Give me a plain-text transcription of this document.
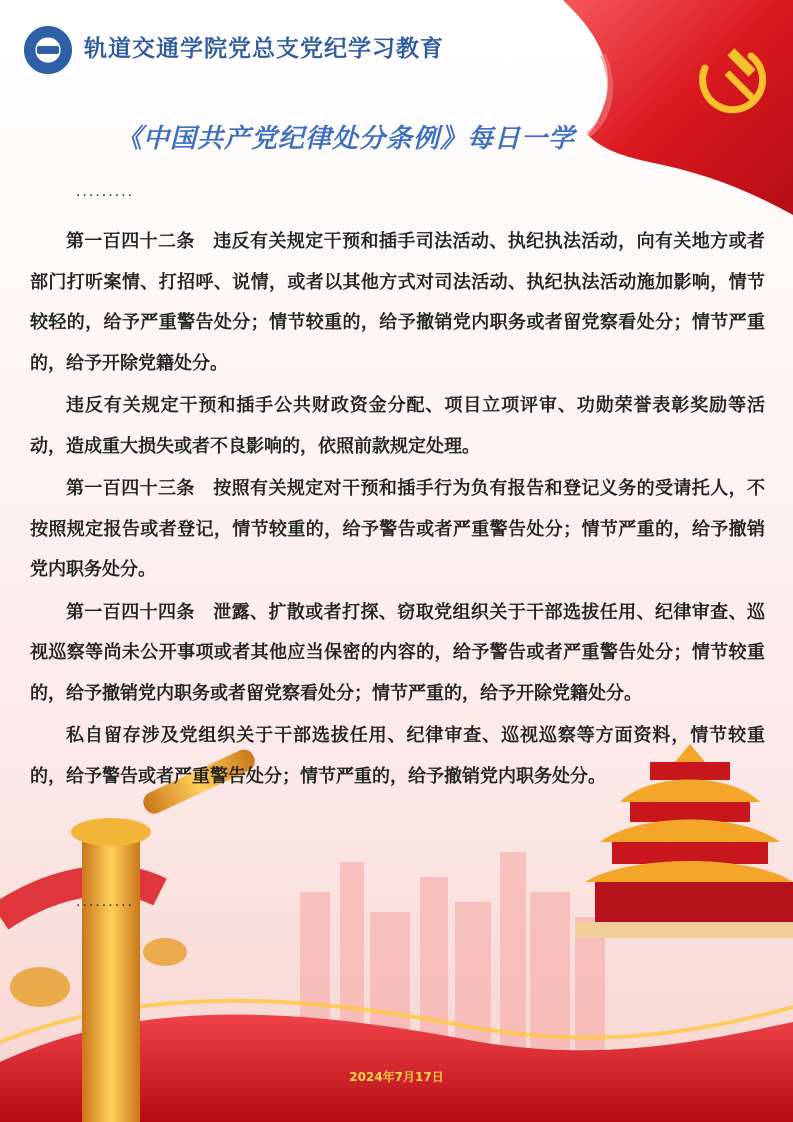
轨道交通学院党总支党纪学习教育
《中国共产党纪律处分条例》每日一学
·········

第一百四十二条　违反有关规定干预和插手司法活动、执纪执法活动，向有关地方或者部门打听案情、打招呼、说情，或者以其他方式对司法活动、执纪执法活动施加影响，情节较轻的，给予严重警告处分；情节较重的，给予撤销党内职务或者留党察看处分；情节严重的，给予开除党籍处分。

违反有关规定干预和插手公共财政资金分配、项目立项评审、功勋荣誉表彰奖励等活动，造成重大损失或者不良影响的，依照前款规定处理。

第一百四十三条　按照有关规定对干预和插手行为负有报告和登记义务的受请托人，不按照规定报告或者登记，情节较重的，给予警告或者严重警告处分；情节严重的，给予撤销党内职务处分。

第一百四十四条　泄露、扩散或者打探、窃取党组织关于干部选拔任用、纪律审查、巡视巡察等尚未公开事项或者其他应当保密的内容的，给予警告或者严重警告处分；情节较重的，给予撤销党内职务或者留党察看处分；情节严重的，给予开除党籍处分。

私自留存涉及党组织关于干部选拔任用、纪律审查、巡视巡察等方面资料，情节较重的，给予警告或者严重警告处分；情节严重的，给予撤销党内职务处分。

·········
2024年7月17日
